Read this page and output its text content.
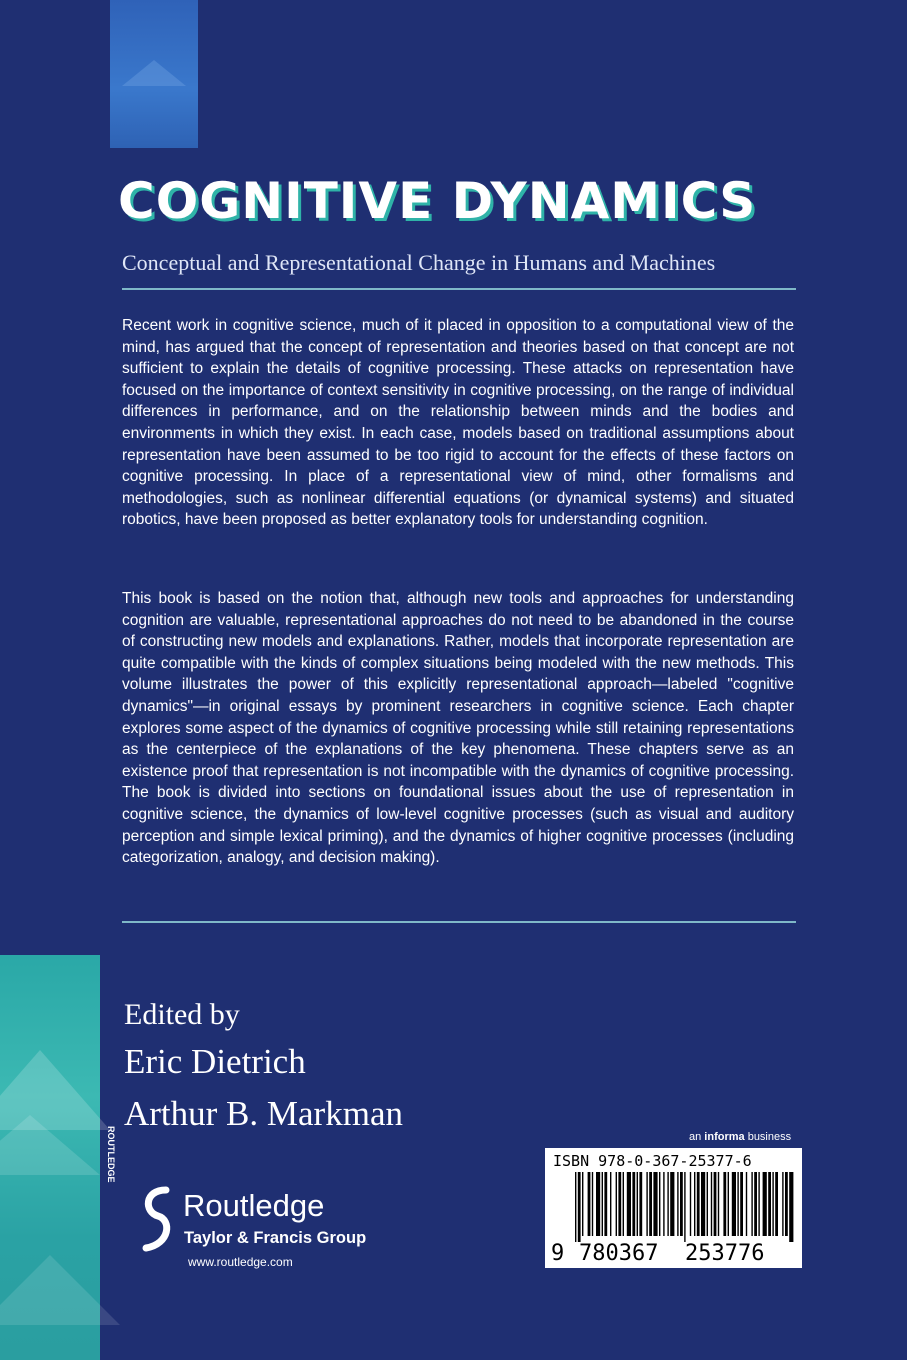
COGNITIVE DYNAMICS

Conceptual and Representational Change in Humans and Machines

Recent work in cognitive science, much of it placed in opposition to a computational view of the mind, has argued that the concept of representation and theories based on that concept are not sufficient to explain the details of cognitive processing. These attacks on representation have focused on the importance of context sensitivity in cognitive processing, on the range of individual differences in performance, and on the relationship between minds and the bodies and environments in which they exist. In each case, models based on traditional assumptions about representation have been assumed to be too rigid to account for the effects of these factors on cognitive processing. In place of a representational view of mind, other formalisms and methodologies, such as nonlinear differential equations (or dynamical systems) and situated robotics, have been proposed as better explanatory tools for understanding cognition.

This book is based on the notion that, although new tools and approaches for understanding cognition are valuable, representational approaches do not need to be abandoned in the course of constructing new models and explanations. Rather, models that incorporate representation are quite compatible with the kinds of complex situations being modeled with the new methods. This volume illustrates the power of this explicitly representational approach—labeled "cognitive dynamics"—in original essays by prominent researchers in cognitive science. Each chapter explores some aspect of the dynamics of cognitive processing while still retaining representations as the centerpiece of the explanations of the key phenomena. These chapters serve as an existence proof that representation is not incompatible with the dynamics of cognitive processing. The book is divided into sections on foundational issues about the use of representation in cognitive science, the dynamics of low-level cognitive processes (such as visual and auditory perception and simple lexical priming), and the dynamics of higher cognitive processes (including categorization, analogy, and decision making).

Edited by

Eric Dietrich

Arthur B. Markman

ROUTLEDGE

Routledge

Taylor & Francis Group

www.routledge.com

an informa business

ISBN 978-0-367-25377-6

9 780367 253776
